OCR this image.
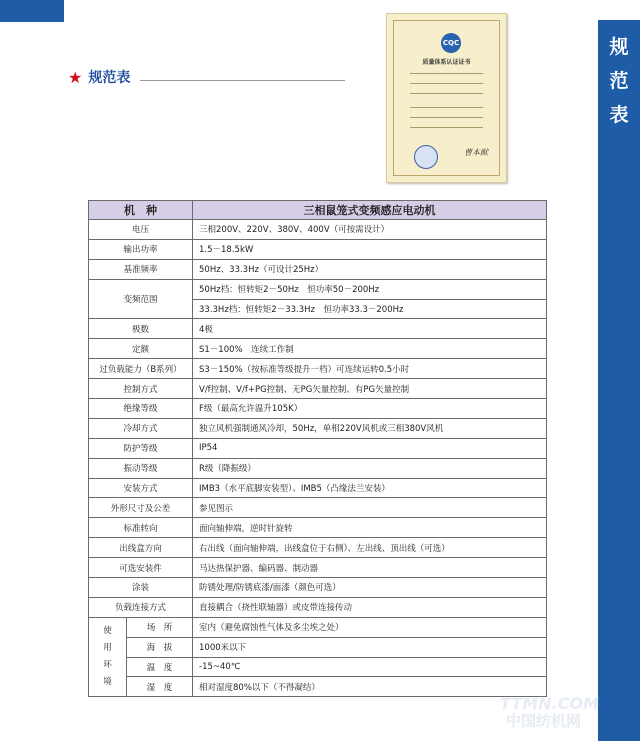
规
范
表
★ 规范表
CQC
质量体系认证证书
曹本猷
机　种		三相鼠笼式变频感应电动机
电压		三相200V、220V、380V、400V（可按需设计）
输出功率		1.5－18.5kW
基准频率		50Hz、33.3Hz（可设计25Hz）
变频范围		50Hz档：恒转矩2－50Hz　恒功率50－200Hz
		33.3Hz档：恒转矩2－33.3Hz　恒功率33.3－200Hz
极数		4极
定额		S1－100%　连续工作制
过负载能力（B系列）		S3－150%（按标准等级提升一档）可连续运转0.5小时
控制方式		V/f控制、V/f+PG控制、无PG矢量控制、有PG矢量控制
绝缘等级		F级（最高允许温升105K）
冷却方式		独立风机强制通风冷却，50Hz，单相220V风机或三相380V风机
防护等级		IP54
振动等级		R级（降振级）
安装方式		IMB3（水平底脚安装型）、IMB5（凸缘法兰安装）
外形尺寸及公差		参见图示
标准转向		面向轴伸端，逆时针旋转
出线盒方向		右出线（面向轴伸端，出线盒位于右侧）、左出线、顶出线（可选）
可选安装件		马达热保护器、编码器、制动器
涂装		防锈处理/防锈底漆/面漆（颜色可选）
负载连接方式		直接耦合（挠性联轴器）或皮带连接传动

使
用
环
境	场　所	室内（避免腐蚀性气体及多尘埃之处）
	海　拔	1000米以下
	温　度	-15~40℃
	湿　度	相对湿度80%以下（不得凝结）
TTMN.COM
中国纺机网
